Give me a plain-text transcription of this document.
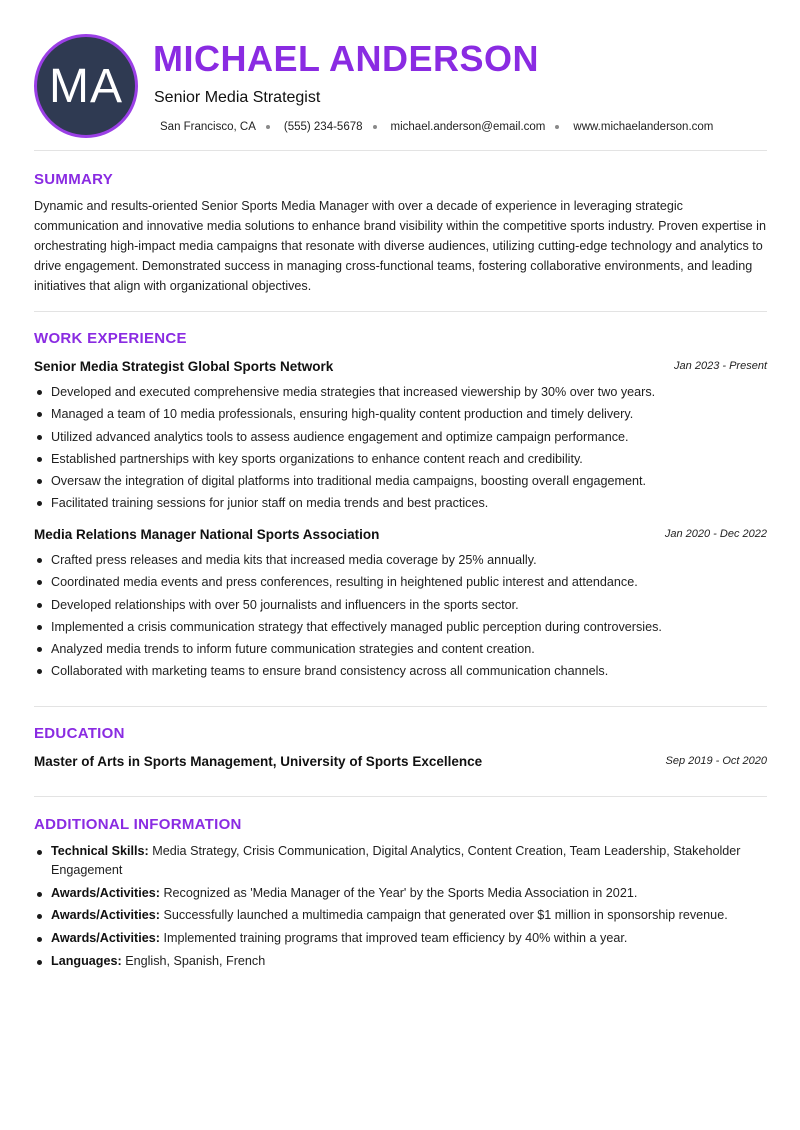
MA
MICHAEL ANDERSON
Senior Media Strategist
San Francisco, CA (555) 234-5678 michael.anderson@email.com www.michaelanderson.com
SUMMARY
Dynamic and results-oriented Senior Sports Media Manager with over a decade of experience in leveraging strategic communication and innovative media solutions to enhance brand visibility within the competitive sports industry. Proven expertise in orchestrating high-impact media campaigns that resonate with diverse audiences, utilizing cutting-edge technology and analytics to drive engagement. Demonstrated success in managing cross-functional teams, fostering collaborative environments, and leading initiatives that align with organizational objectives.
WORK EXPERIENCE
Senior Media Strategist Global Sports Network	Jan 2023 - Present
Developed and executed comprehensive media strategies that increased viewership by 30% over two years.
Managed a team of 10 media professionals, ensuring high-quality content production and timely delivery.
Utilized advanced analytics tools to assess audience engagement and optimize campaign performance.
Established partnerships with key sports organizations to enhance content reach and credibility.
Oversaw the integration of digital platforms into traditional media campaigns, boosting overall engagement.
Facilitated training sessions for junior staff on media trends and best practices.
Media Relations Manager National Sports Association	Jan 2020 - Dec 2022
Crafted press releases and media kits that increased media coverage by 25% annually.
Coordinated media events and press conferences, resulting in heightened public interest and attendance.
Developed relationships with over 50 journalists and influencers in the sports sector.
Implemented a crisis communication strategy that effectively managed public perception during controversies.
Analyzed media trends to inform future communication strategies and content creation.
Collaborated with marketing teams to ensure brand consistency across all communication channels.
EDUCATION
Master of Arts in Sports Management, University of Sports Excellence	Sep 2019 - Oct 2020
ADDITIONAL INFORMATION
Technical Skills: Media Strategy, Crisis Communication, Digital Analytics, Content Creation, Team Leadership, Stakeholder Engagement
Awards/Activities: Recognized as 'Media Manager of the Year' by the Sports Media Association in 2021.
Awards/Activities: Successfully launched a multimedia campaign that generated over $1 million in sponsorship revenue.
Awards/Activities: Implemented training programs that improved team efficiency by 40% within a year.
Languages: English, Spanish, French
